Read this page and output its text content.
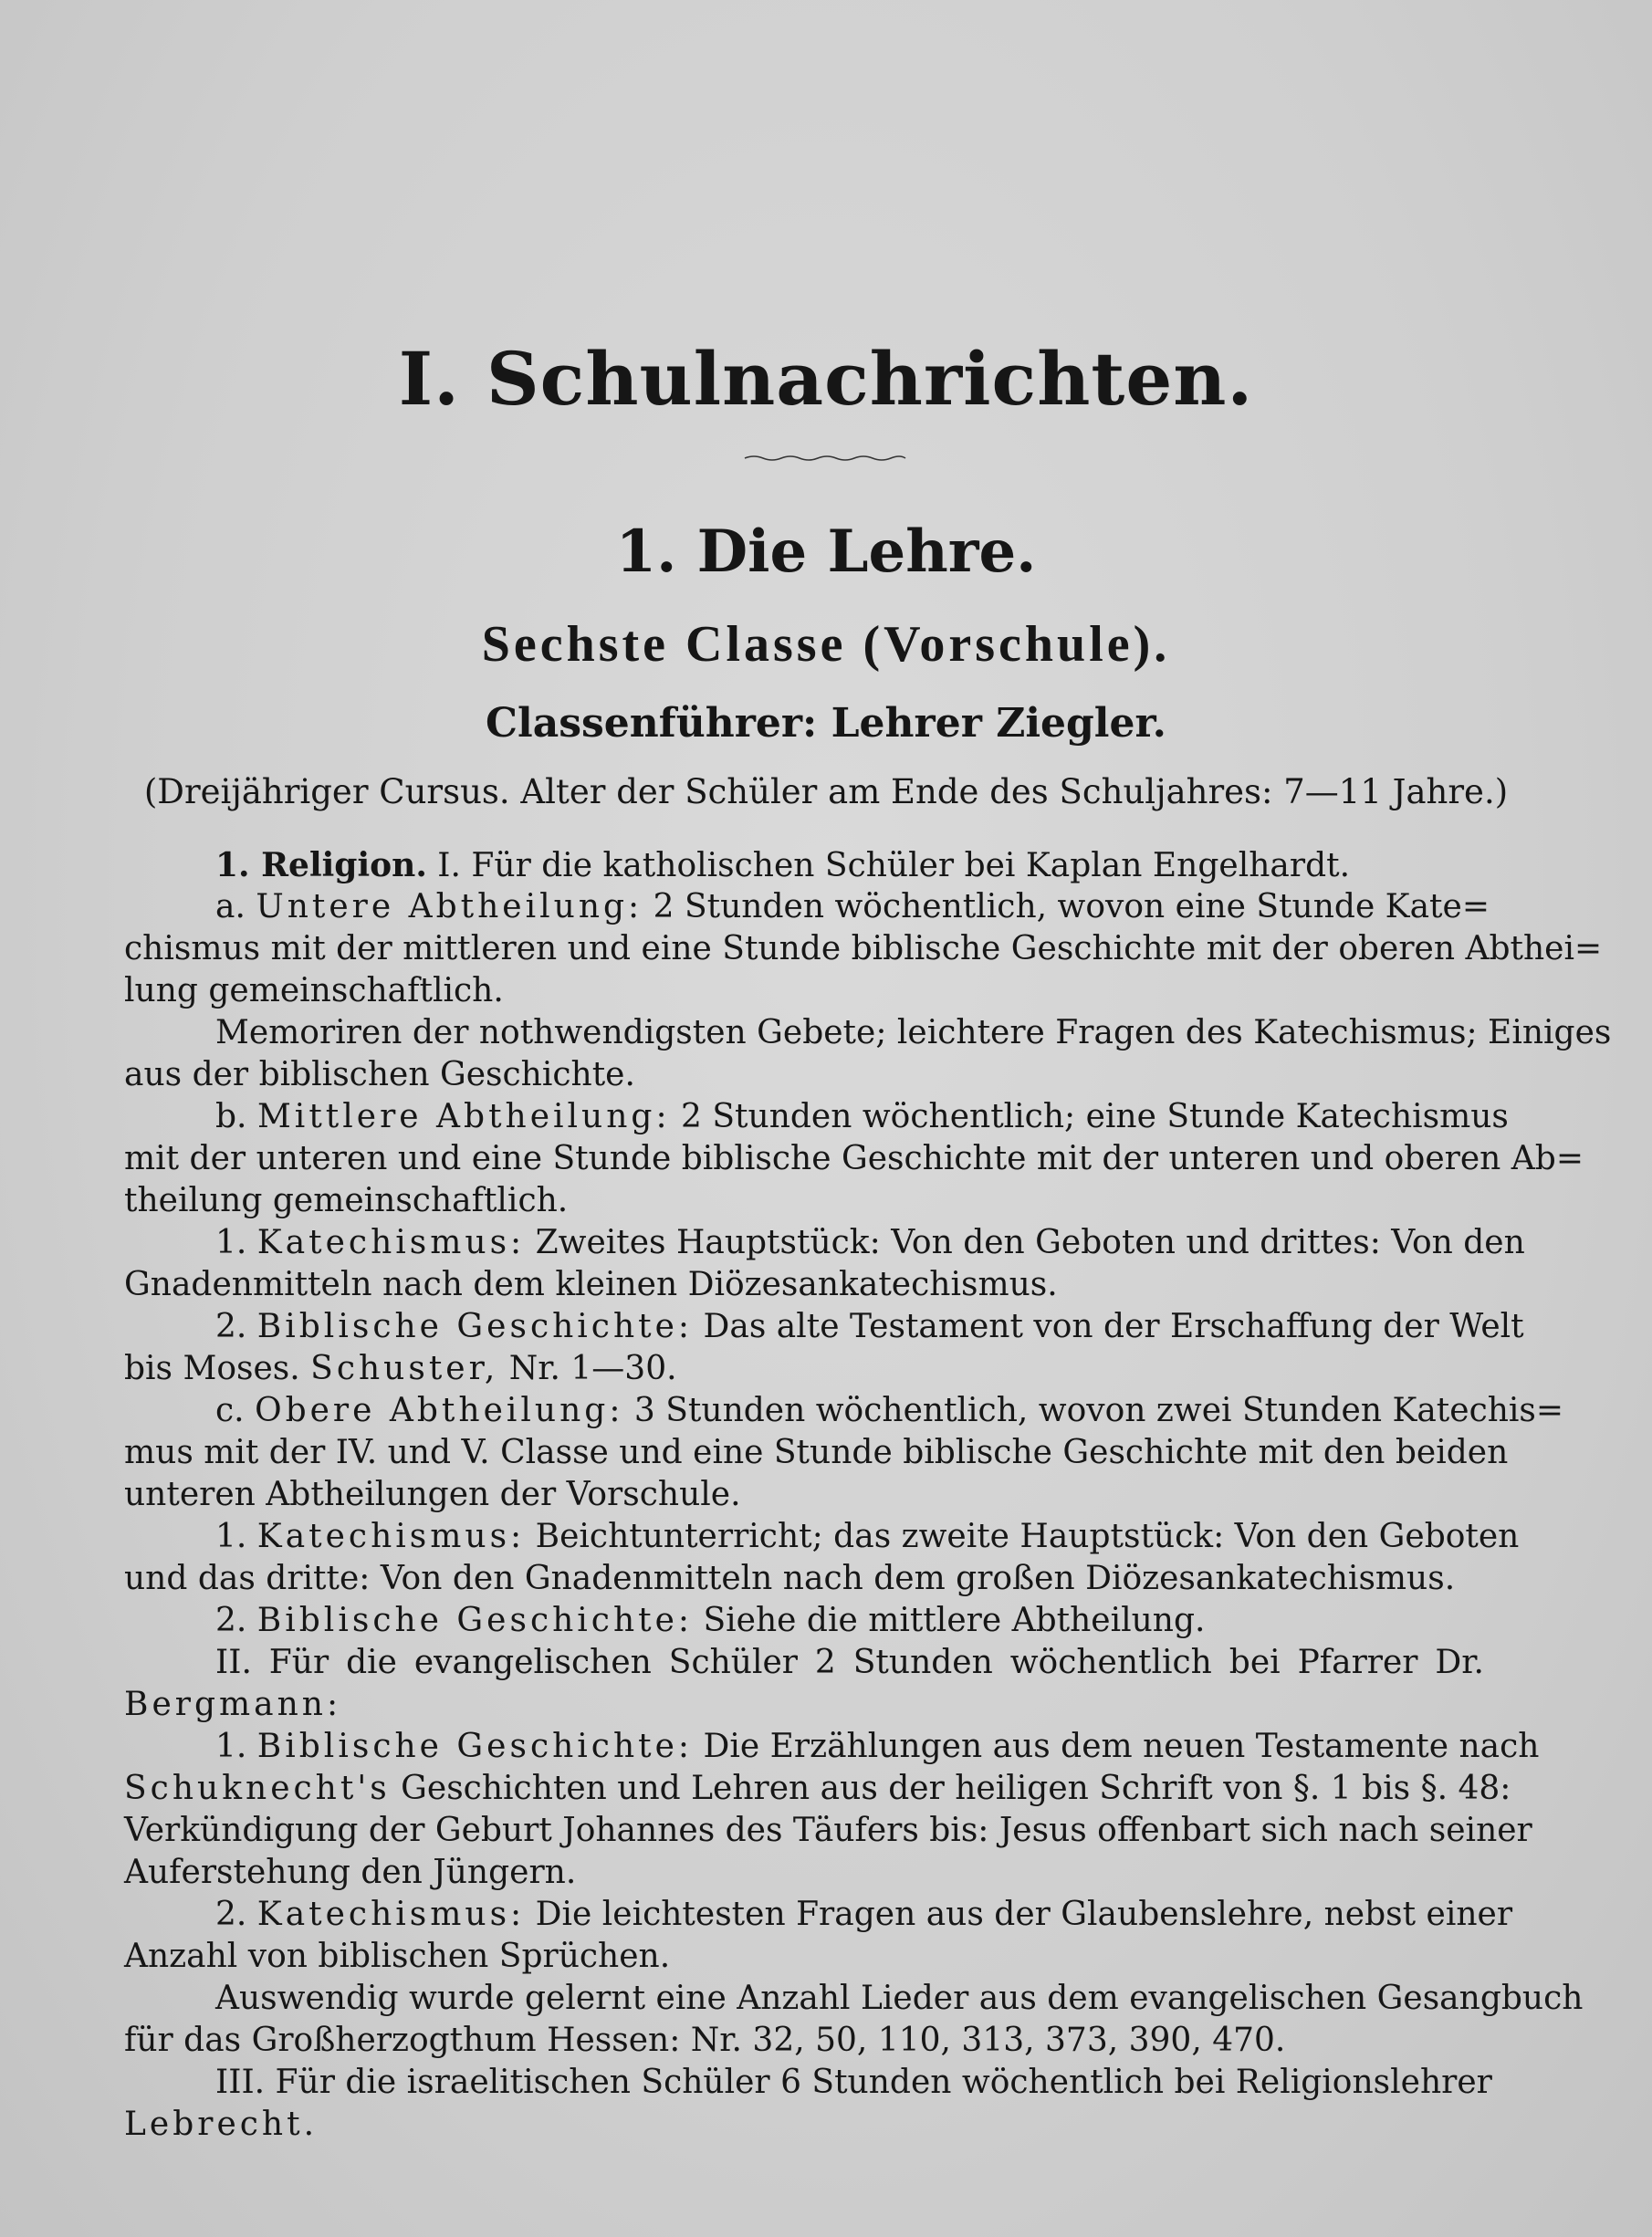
I. Schulnachrichten.
1. Die Lehre.
Sechste Classe (Vorschule).
Classenführer: Lehrer Ziegler.
(Dreijähriger Cursus. Alter der Schüler am Ende des Schuljahres: 7—11 Jahre.)
1. Religion. I. Für die katholischen Schüler bei Kaplan Engelhardt.
a. Untere Abtheilung: 2 Stunden wöchentlich, wovon eine Stunde Kate=
chismus mit der mittleren und eine Stunde biblische Geschichte mit der oberen Abthei=
lung gemeinschaftlich.
Memoriren der nothwendigsten Gebete; leichtere Fragen des Katechismus; Einiges
aus der biblischen Geschichte.
b. Mittlere Abtheilung: 2 Stunden wöchentlich; eine Stunde Katechismus
mit der unteren und eine Stunde biblische Geschichte mit der unteren und oberen Ab=
theilung gemeinschaftlich.
1. Katechismus: Zweites Hauptstück: Von den Geboten und drittes: Von den
Gnadenmitteln nach dem kleinen Diözesankatechismus.
2. Biblische Geschichte: Das alte Testament von der Erschaffung der Welt
bis Moses. Schuster, Nr. 1—30.
c. Obere Abtheilung: 3 Stunden wöchentlich, wovon zwei Stunden Katechis=
mus mit der IV. und V. Classe und eine Stunde biblische Geschichte mit den beiden
unteren Abtheilungen der Vorschule.
1. Katechismus: Beichtunterricht; das zweite Hauptstück: Von den Geboten
und das dritte: Von den Gnadenmitteln nach dem großen Diözesankatechismus.
2. Biblische Geschichte: Siehe die mittlere Abtheilung.
II. Für die evangelischen Schüler 2 Stunden wöchentlich bei Pfarrer Dr.
Bergmann:
1. Biblische Geschichte: Die Erzählungen aus dem neuen Testamente nach
Schuknecht's Geschichten und Lehren aus der heiligen Schrift von §. 1 bis §. 48:
Verkündigung der Geburt Johannes des Täufers bis: Jesus offenbart sich nach seiner
Auferstehung den Jüngern.
2. Katechismus: Die leichtesten Fragen aus der Glaubenslehre, nebst einer
Anzahl von biblischen Sprüchen.
Auswendig wurde gelernt eine Anzahl Lieder aus dem evangelischen Gesangbuch
für das Großherzogthum Hessen: Nr. 32, 50, 110, 313, 373, 390, 470.
III. Für die israelitischen Schüler 6 Stunden wöchentlich bei Religionslehrer
Lebrecht.
